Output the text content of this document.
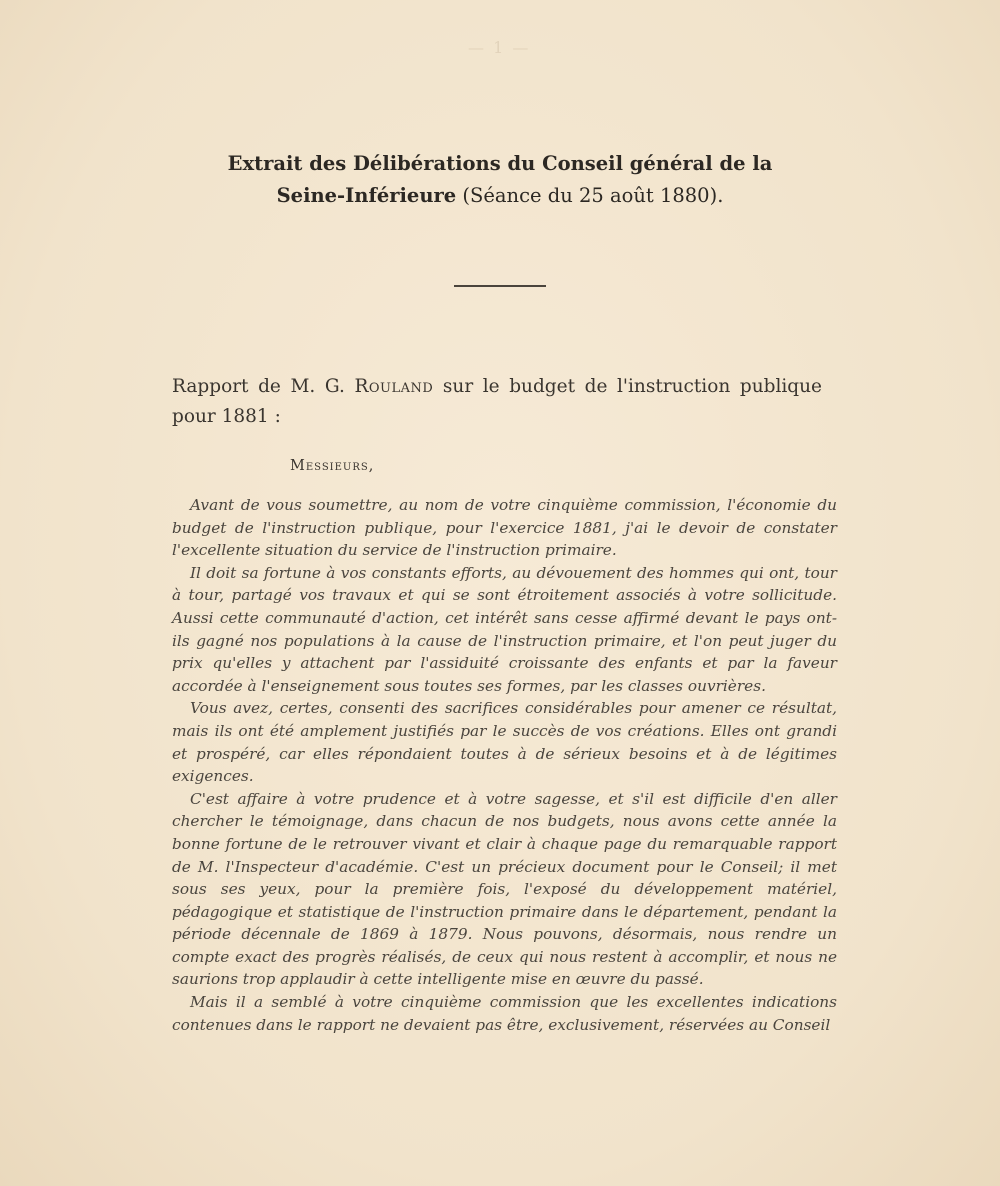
— 1 —
Extrait des Délibérations du Conseil général de la
Seine-Inférieure (Séance du 25 août 1880).
Rapport de M. G. Rouland sur le budget de l'instruction publique pour 1881 :
Messieurs,

Avant de vous soumettre, au nom de votre cinquième commission, l'économie du budget de l'instruction publique, pour l'exercice 1881, j'ai le devoir de constater l'excellente situation du service de l'instruction primaire.

Il doit sa fortune à vos constants efforts, au dévouement des hommes qui ont, tour à tour, partagé vos travaux et qui se sont étroitement associés à votre sollicitude. Aussi cette communauté d'action, cet intérêt sans cesse affirmé devant le pays ont-ils gagné nos populations à la cause de l'instruction primaire, et l'on peut juger du prix qu'elles y attachent par l'assiduité croissante des enfants et par la faveur accordée à l'enseignement sous toutes ses formes, par les classes ouvrières.

Vous avez, certes, consenti des sacrifices considérables pour amener ce résultat, mais ils ont été amplement justifiés par le succès de vos créations. Elles ont grandi et prospéré, car elles répondaient toutes à de sérieux besoins et à de légitimes exigences.

C'est affaire à votre prudence et à votre sagesse, et s'il est difficile d'en aller chercher le témoignage, dans chacun de nos budgets, nous avons cette année la bonne fortune de le retrouver vivant et clair à chaque page du remarquable rapport de M. l'Inspecteur d'académie. C'est un précieux document pour le Conseil; il met sous ses yeux, pour la première fois, l'exposé du développement matériel, pédagogique et statistique de l'instruction primaire dans le département, pendant la période décennale de 1869 à 1879. Nous pouvons, désormais, nous rendre un compte exact des progrès réalisés, de ceux qui nous restent à accomplir, et nous ne saurions trop applaudir à cette intelligente mise en œuvre du passé.

Mais il a semblé à votre cinquième commission que les excellentes indications contenues dans le rapport ne devaient pas être, exclusivement, réservées au Conseil
